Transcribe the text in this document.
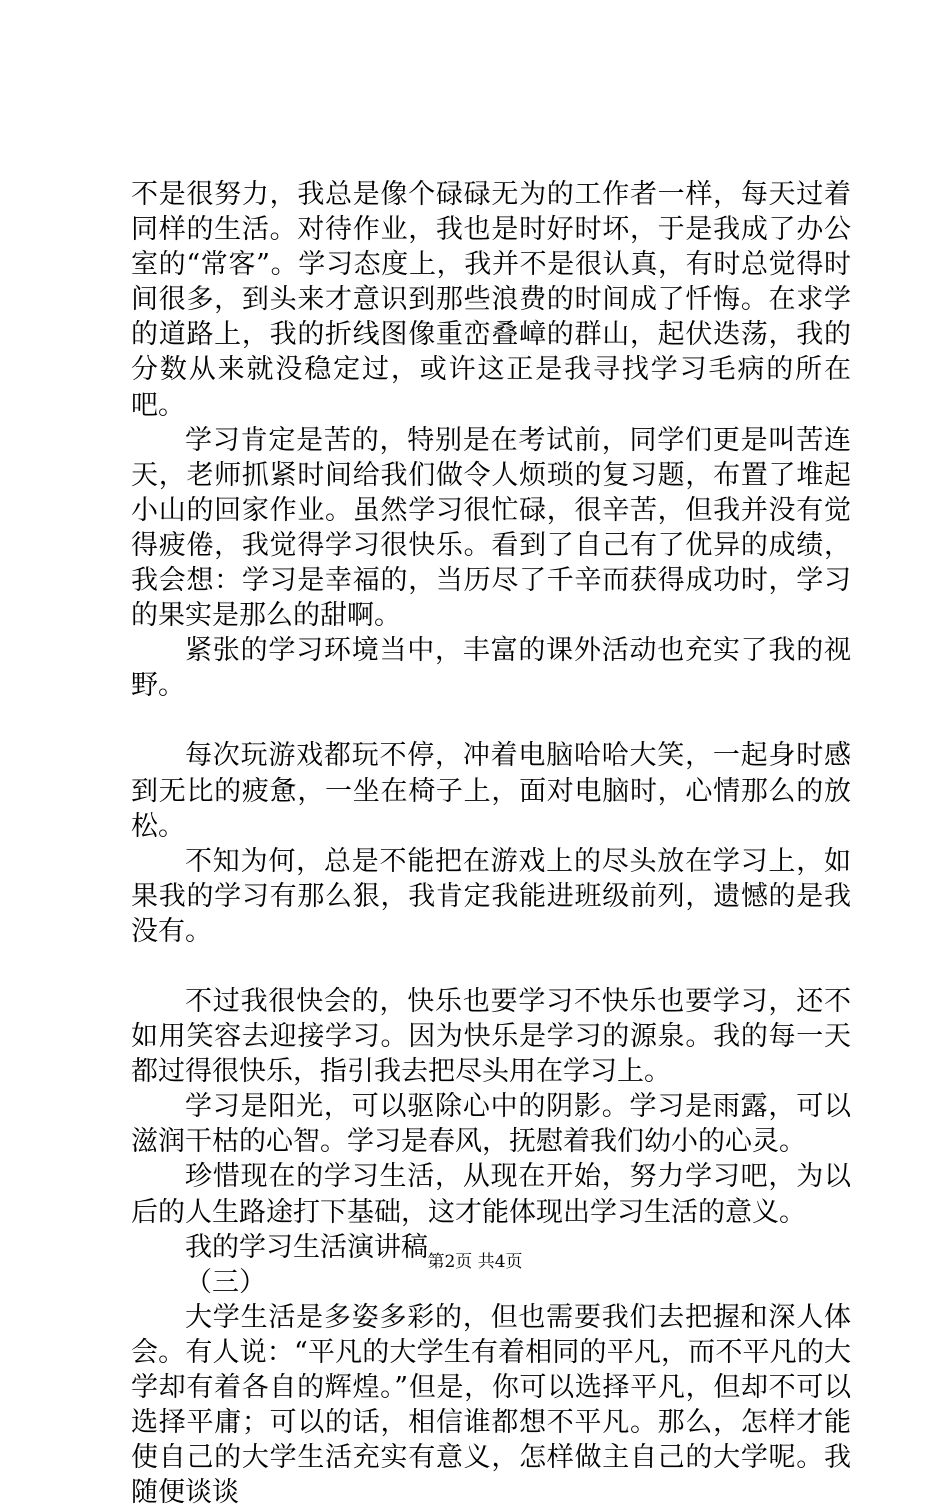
不是很努力，我总是像个碌碌无为的工作者一样，每天过着同样的生活。对待作业，我也是时好时坏，于是我成了办公室的“常客”。学习态度上，我并不是很认真，有时总觉得时间很多，到头来才意识到那些浪费的时间成了忏悔。在求学的道路上，我的折线图像重峦叠嶂的群山，起伏迭荡，我的分数从来就没稳定过，或许这正是我寻找学习毛病的所在吧。

学习肯定是苦的，特别是在考试前，同学们更是叫苦连天，老师抓紧时间给我们做令人烦琐的复习题，布置了堆起小山的回家作业。虽然学习很忙碌，很辛苦，但我并没有觉得疲倦，我觉得学习很快乐。看到了自己有了优异的成绩，我会想：学习是幸福的，当历尽了千辛而获得成功时，学习的果实是那么的甜啊。

紧张的学习环境当中，丰富的课外活动也充实了我的视野。

每次玩游戏都玩不停，冲着电脑哈哈大笑，一起身时感到无比的疲惫，一坐在椅子上，面对电脑时，心情那么的放松。

不知为何，总是不能把在游戏上的尽头放在学习上，如果我的学习有那么狠，我肯定我能进班级前列，遗憾的是我没有。

不过我很快会的，快乐也要学习不快乐也要学习，还不如用笑容去迎接学习。因为快乐是学习的源泉。我的每一天都过得很快乐，指引我去把尽头用在学习上。

学习是阳光，可以驱除心中的阴影。学习是雨露，可以滋润干枯的心智。学习是春风，抚慰着我们幼小的心灵。

珍惜现在的学习生活，从现在开始，努力学习吧，为以后的人生路途打下基础，这才能体现出学习生活的意义。

我的学习生活演讲稿

（三）

大学生活是多姿多彩的，但也需要我们去把握和深人体会。有人说：“平凡的大学生有着相同的平凡，而不平凡的大学却有着各自的辉煌。”但是，你可以选择平凡，但却不可以选择平庸；可以的话，相信谁都想不平凡。那么，怎样才能使自己的大学生活充实有意义，怎样做主自己的大学呢。我随便谈谈

第2页 共4页
